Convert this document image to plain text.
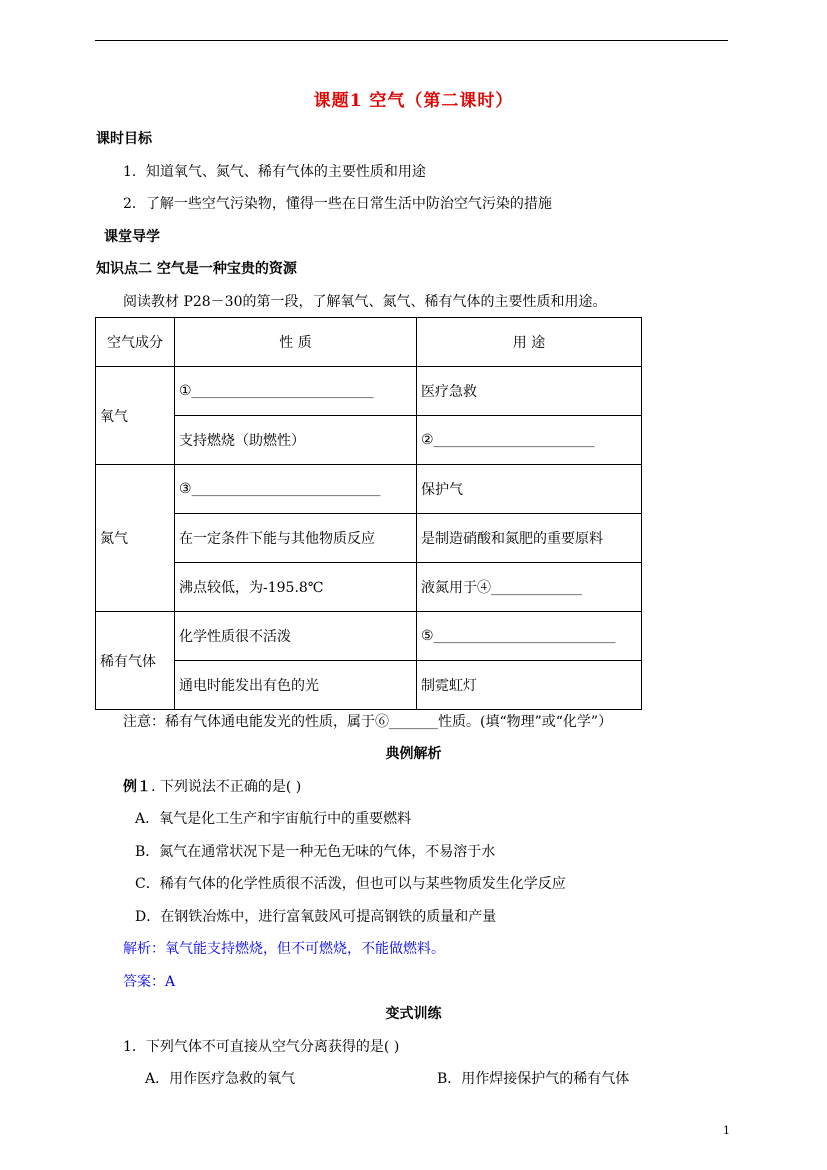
课题1 空气（第二课时）
课时目标
1．知道氧气、氮气、稀有气体的主要性质和用途
2．了解一些空气污染物，懂得一些在日常生活中防治空气污染的措施
课堂导学
知识点二 空气是一种宝贵的资源
阅读教材 P28－30的第一段，了解氧气、氮气、稀有气体的主要性质和用途。
空气成分	性 质	用 途
氧气	①__________________________	医疗急救
	支持燃烧（助燃性）	②_______________________
氮气	③___________________________	保护气
	在一定条件下能与其他物质反应	是制造硝酸和氮肥的重要原料
	沸点较低，为-195.8℃	液氮用于④_____________
稀有气体	化学性质很不活泼	⑤__________________________
	通电时能发出有色的光	制霓虹灯
注意：稀有气体通电能发光的性质，属于⑥_______性质。(填“物理”或“化学”）
典例解析
例１. 下列说法不正确的是( )
A．氧气是化工生产和宇宙航行中的重要燃料
B．氮气在通常状况下是一种无色无味的气体，不易溶于水
C．稀有气体的化学性质很不活泼，但也可以与某些物质发生化学反应
D．在钢铁冶炼中，进行富氧鼓风可提高钢铁的质量和产量
解析：氧气能支持燃烧，但不可燃烧，不能做燃料。
答案：A
变式训练
1．下列气体不可直接从空气分离获得的是( )
A．用作医疗急救的氧气	B．用作焊接保护气的稀有气体
1
